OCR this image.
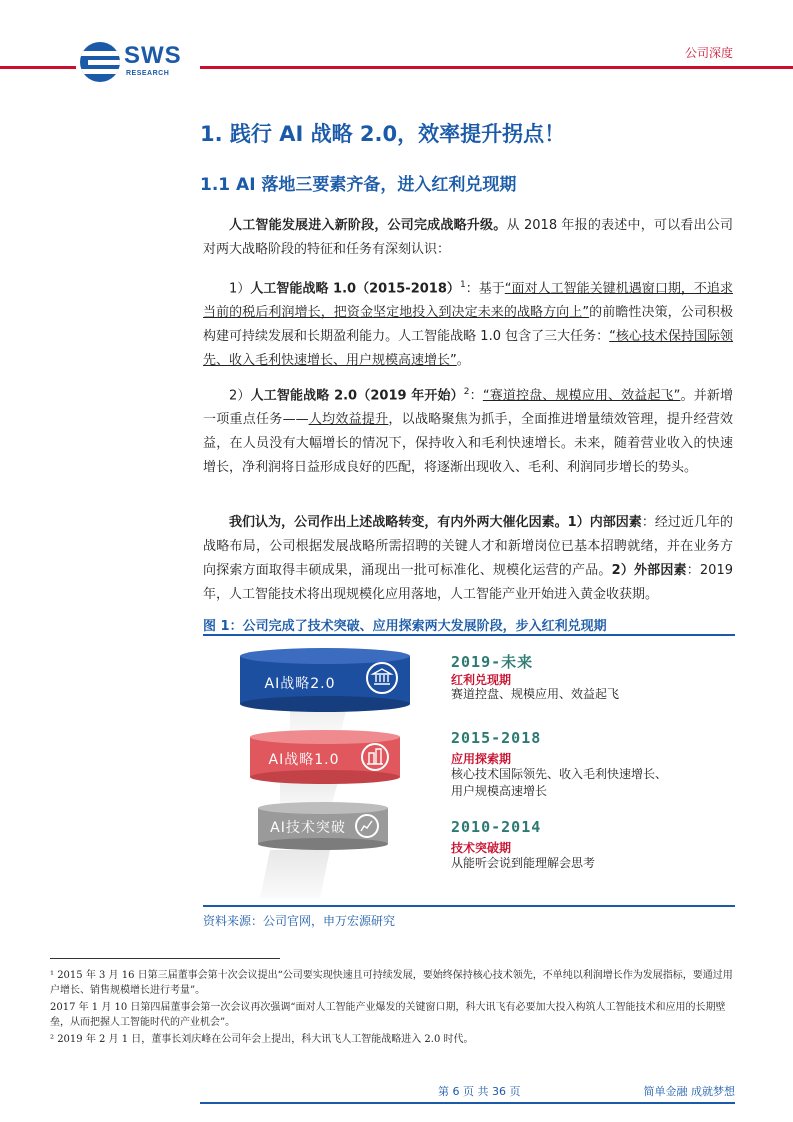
SWS
RESEARCH
公司深度
1. 践行 AI 战略 2.0，效率提升拐点！
1.1 AI 落地三要素齐备，进入红利兑现期
人工智能发展进入新阶段，公司完成战略升级。从 2018 年报的表述中，可以看出公司对两大战略阶段的特征和任务有深刻认识：
1）人工智能战略 1.0（2015-2018）$^1$：基于“面对人工智能关键机遇窗口期，不追求当前的税后利润增长，把资金坚定地投入到决定未来的战略方向上”的前瞻性决策，公司积极构建可持续发展和长期盈利能力。人工智能战略 1.0 包含了三大任务：“核心技术保持国际领先、收入毛利快速增长、用户规模高速增长”。
2）人工智能战略 2.0（2019 年开始）$^2$：“赛道控盘、规模应用、效益起飞”。并新增一项重点任务——人均效益提升，以战略聚焦为抓手，全面推进增量绩效管理，提升经营效益，在人员没有大幅增长的情况下，保持收入和毛利快速增长。未来，随着营业收入的快速增长，净利润将日益形成良好的匹配，将逐渐出现收入、毛利、利润同步增长的势头。
我们认为，公司作出上述战略转变，有内外两大催化因素。1）内部因素：经过近几年的战略布局，公司根据发展战略所需招聘的关键人才和新增岗位已基本招聘就绪，并在业务方向探索方面取得丰硕成果，涌现出一批可标准化、规模化运营的产品。2）外部因素：2019 年，人工智能技术将出现规模化应用落地，人工智能产业开始进入黄金收获期。
图 1：公司完成了技术突破、应用探索两大发展阶段，步入红利兑现期
AI战略2.0
AI战略1.0
AI技术突破
2019-未来
红利兑现期
赛道控盘、规模应用、效益起飞
2015-2018
应用探索期
核心技术国际领先、收入毛利快速增长、
用户规模高速增长
2010-2014
技术突破期
从能听会说到能理解会思考
资料来源：公司官网，申万宏源研究
¹ 2015 年 3 月 16 日第三届董事会第十次会议提出“公司要实现快速且可持续发展，要始终保持核心技术领先，不单纯以利润增长作为发展指标，要通过用户增长、销售规模增长进行考量”。
2017 年 1 月 10 日第四届董事会第一次会议再次强调“面对人工智能产业爆发的关键窗口期，科大讯飞有必要加大投入构筑人工智能技术和应用的长期壁垒，从而把握人工智能时代的产业机会”。
² 2019 年 2 月 1 日，董事长刘庆峰在公司年会上提出，科大讯飞人工智能战略进入 2.0 时代。
第 6 页 共 36 页	简单金融 成就梦想
